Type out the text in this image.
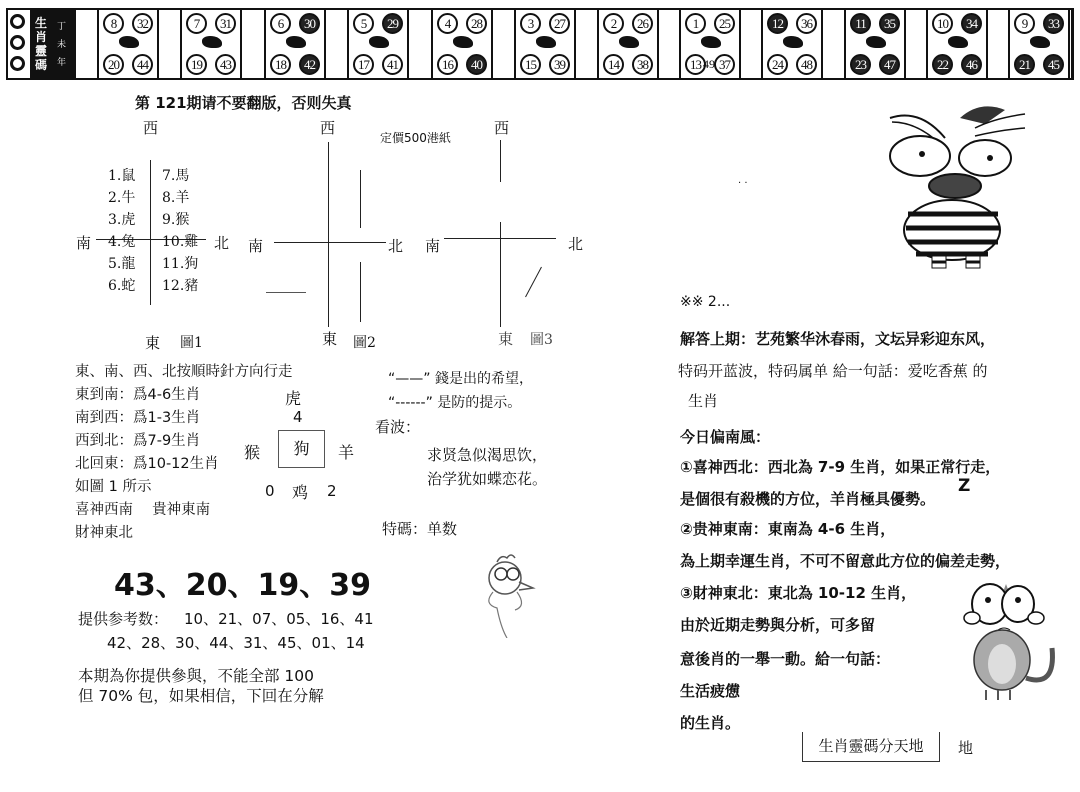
生肖靈碼
丁未年
8	32
20	44
7	31
19	43
6	30
18	42
5	29
17	41
4	28
16	40
3	27
15	39
2	26
14	38
1	25
13	37
49
12	36
24	48
11	35
23	47
10	34
22	46
9	33
21	45
第 121期请不要翻版，否则失真
定價500港紙
西
南	北
1.鼠
2.牛
3.虎
4.兔
5.龍
6.蛇
7.馬
8.羊
9.猴
10.雞
11.狗
12.豬
東 圖1
西
南	北
東 圖2
西
南	北
東 圖3
東、南、西、北按順時針方向行走
東到南：爲4-6生肖
南到西：爲1-3生肖
西到北：爲7-9生肖
北回東：爲10-12生肖
如圖 1 所示
喜神西南　 貴神東南
財神東北
虎
4
猴	狗	羊
0 鸡 2
“——” 錢是出的希望，
“------” 是防的提示。
看波：
求贤急似渴思饮，
治学犹如蝶恋花。
特碼：单数
43、20、19、39
提供参考数： 10、21、07、05、16、41
42、28、30、44、31、45、01、14
本期為你提供參與，不能全部 100
但 70% 包，如果相信，下回在分解
· ·
※※ 2...
解答上期：艺苑繁华沐春雨，文坛异彩迎东风，
特码开蓝波，特码属单 給一句話：爱吃香蕉 的
生肖
今日偏南風：
①喜神西北：西北為 7-9 生肖，如果正常行走，
是個很有殺機的方位，羊肖極具優勢。
Z
②贵神東南：東南為 4-6 生肖，
為上期幸運生肖，不可不留意此方位的偏差走勢，
③財神東北：東北為 10-12 生肖，
由於近期走勢與分析，可多留
意後肖的一舉一動。給一句話：
生活疲憊
的生肖。
生肖靈碼分天地	地
